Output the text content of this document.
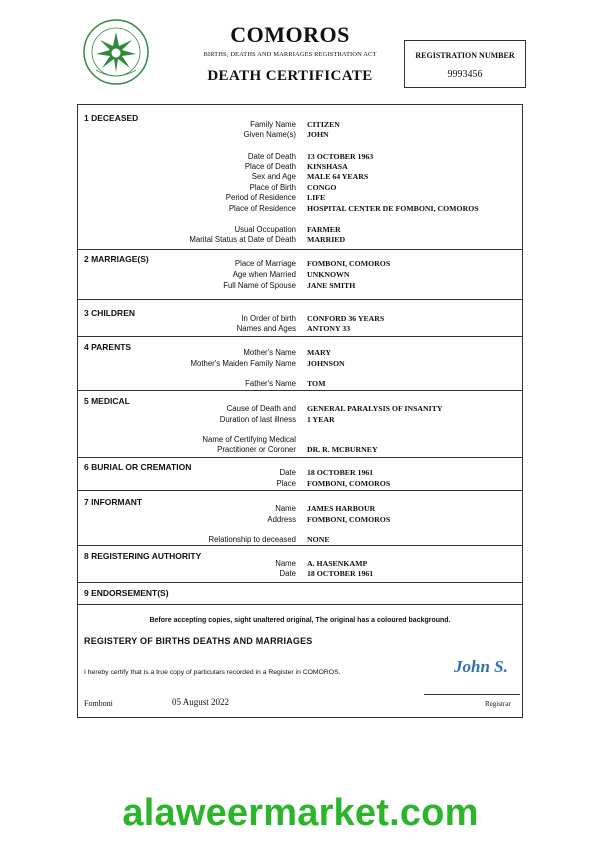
COMOROS
BIRTHS, DEATHS AND MARRIAGES REGISTRATION ACT
DEATH CERTIFICATE
REGISTRATION NUMBER
9993456
1 DECEASED
Family Name CITIZEN
Given Name(s) JOHN
Date of Death 13 OCTOBER 1963
Place of Death KINSHASA
Sex and Age MALE 64 YEARS
Place of Birth CONGO
Period of Residence LIFE
Place of Residence HOSPITAL CENTER DE FOMBONI, COMOROS
Usual Occupation FARMER
Marital Status at Date of Death MARRIED
2 MARRIAGE(S)	Place of Marriage FOMBONI, COMOROS
Age when Married UNKNOWN
Full Name of Spouse JANE SMITH
3 CHILDREN
In Order of birth CONFORD 36 YEARS
Names and Ages ANTONY 33
4 PARENTS
Mother's Name MARY
Mother's Maiden Family Name JOHNSON
Father's Name TOM
5 MEDICAL
Cause of Death and GENERAL PARALYSIS OF INSANITY
Duration of last illness 1 YEAR
Name of Certifying Medical
Practitioner or Coroner DR. R. MCBURNEY
6 BURIAL OR CREMATION
Date 18 OCTOBER 1961
Place FOMBONI, COMOROS
7 INFORMANT
Name JAMES HARBOUR
Address FOMBONI, COMOROS
Relationship to deceased NONE
8 REGISTERING AUTHORITY
Name A. HASENKAMP
Date 18 OCTOBER 1961
9 ENDORSEMENT(S)
Before accepting copies, sight unaltered original, The original has a coloured background.
REGISTERY OF BIRTHS DEATHS AND MARRIAGES
I hereby certify that is a true copy of particulars recorded in a Register in COMOROS.	John S.
Fomboni	05 August 2022	Registrar
alaweermarket.com
